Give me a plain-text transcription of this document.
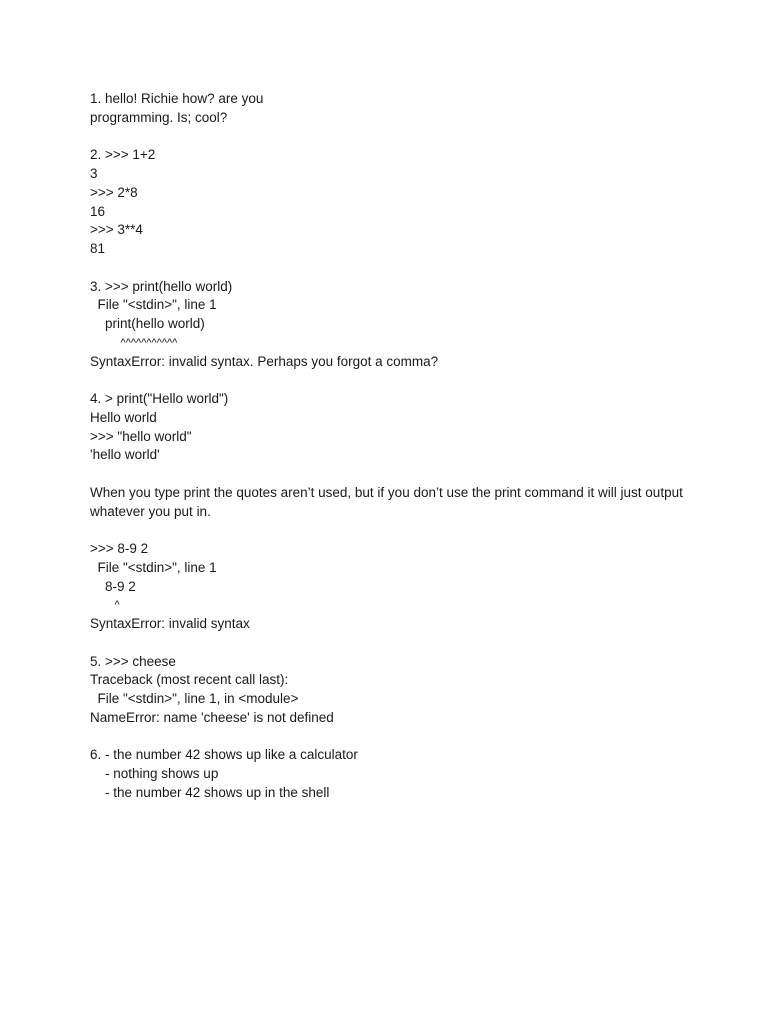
1. hello! Richie how? are you
programming. Is; cool?
2. >>> 1+2
3
>>> 2*8
16
>>> 3**4
81
3. >>> print(hello world)
File "<stdin>", line 1
print(hello world)
^^^^^^^^^^^
SyntaxError: invalid syntax. Perhaps you forgot a comma?
4. > print("Hello world")
Hello world
>>> "hello world"
'hello world'
When you type print the quotes aren’t used, but if you don’t use the print command it will just output whatever you put in.
>>> 8-9 2
File "<stdin>", line 1
8-9 2
^
SyntaxError: invalid syntax
5. >>> cheese
Traceback (most recent call last):
File "<stdin>", line 1, in <module>
NameError: name 'cheese' is not defined
6. - the number 42 shows up like a calculator
- nothing shows up
- the number 42 shows up in the shell
